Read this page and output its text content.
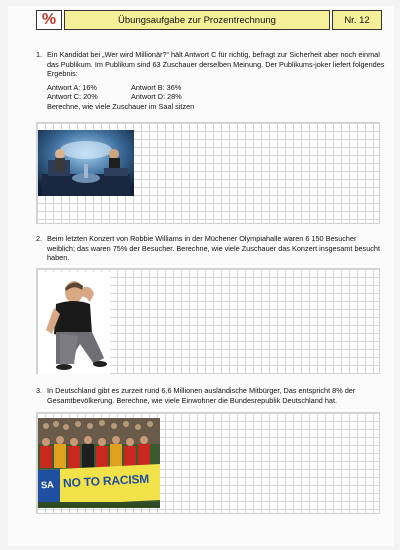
%	Übungsaufgabe zur Prozentrechnung	Nr. 12
1. Ein Kandidat bei „Wer wird Millionär?“ hält Antwort C für richtig, befragt zur Sicherheit aber noch einmal das Publikum. Im Publikum sind 63 Zuschauer derselben Meinung. Der Publikums-joker liefert folgendes Ergebnis:
Antwort A: 16%	Antwort B: 36%
Antwort C: 20%	Antwort D: 28%
Berechne, wie viele Zuschauer im Saal sitzen
2. Beim letzten Konzert von Robbie Williams in der Müchener Olympiahalle waren 6 150 Besucher weiblich; das waren 75% der Besucher. Berechne, wie viele Zuschauer das Konzert insgesamt besucht haben.
3. In Deutschland gibt es zurzeit rund 6,6 Millionen ausländische Mitbürger, Das entspricht 8% der Gesamtbevölkerung. Berechne, wie viele Einwohner die Bundesrepublik Deutschland hat.
SA NO TO RACISM
